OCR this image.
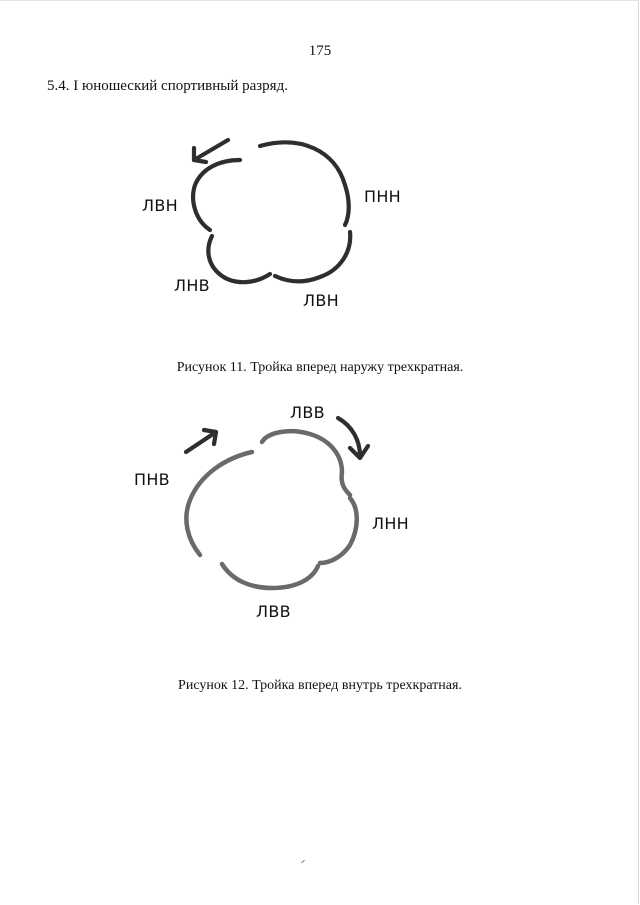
175
5.4. I юношеский спортивный разряд.
ЛВН	ПНН
ЛНВ
ЛВН
Рисунок 11. Тройка вперед наружу трехкратная.
ЛВВ
ПНВ
ЛНН
ЛВВ
Рисунок 12. Тройка вперед внутрь трехкратная.
